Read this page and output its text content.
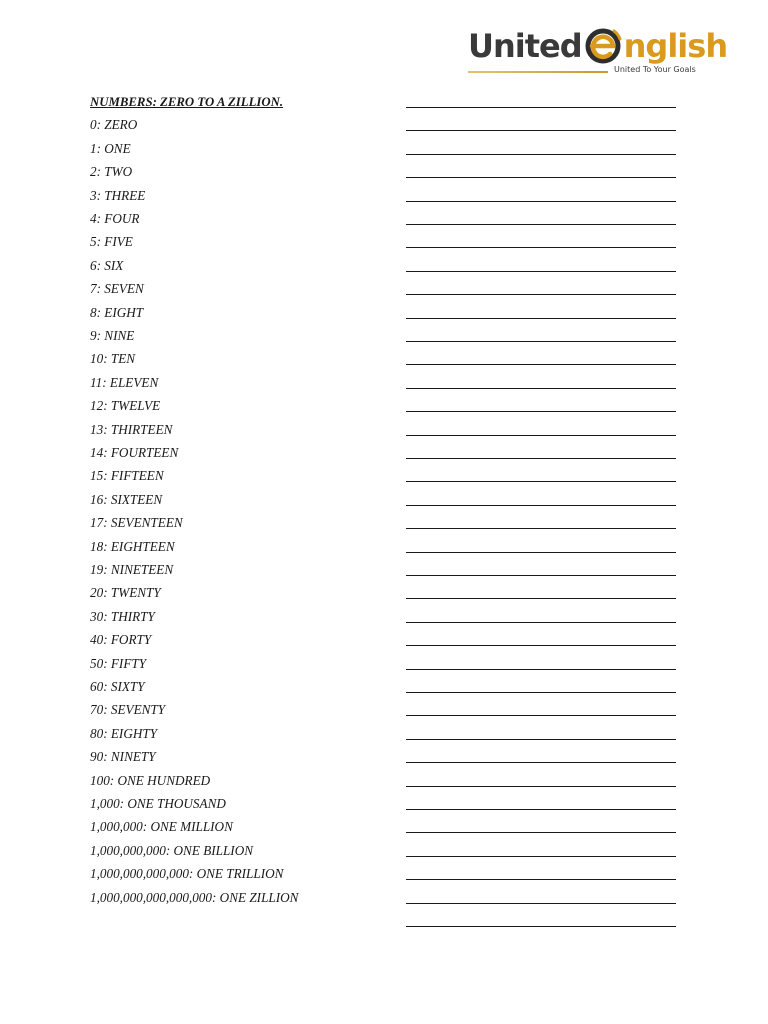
United nglish
United To Your Goals
NUMBERS: ZERO TO A ZILLION.
0: ZERO
1: ONE
2: TWO
3: THREE
4: FOUR
5: FIVE
6: SIX
7: SEVEN
8: EIGHT
9: NINE
10: TEN
11: ELEVEN
12: TWELVE
13: THIRTEEN
14: FOURTEEN
15: FIFTEEN
16: SIXTEEN
17: SEVENTEEN
18: EIGHTEEN
19: NINETEEN
20: TWENTY
30: THIRTY
40: FORTY
50: FIFTY
60: SIXTY
70: SEVENTY
80: EIGHTY
90: NINETY
100: ONE HUNDRED
1,000: ONE THOUSAND
1,000,000: ONE MILLION
1,000,000,000: ONE BILLION
1,000,000,000,000: ONE TRILLION
1,000,000,000,000,000: ONE ZILLION
